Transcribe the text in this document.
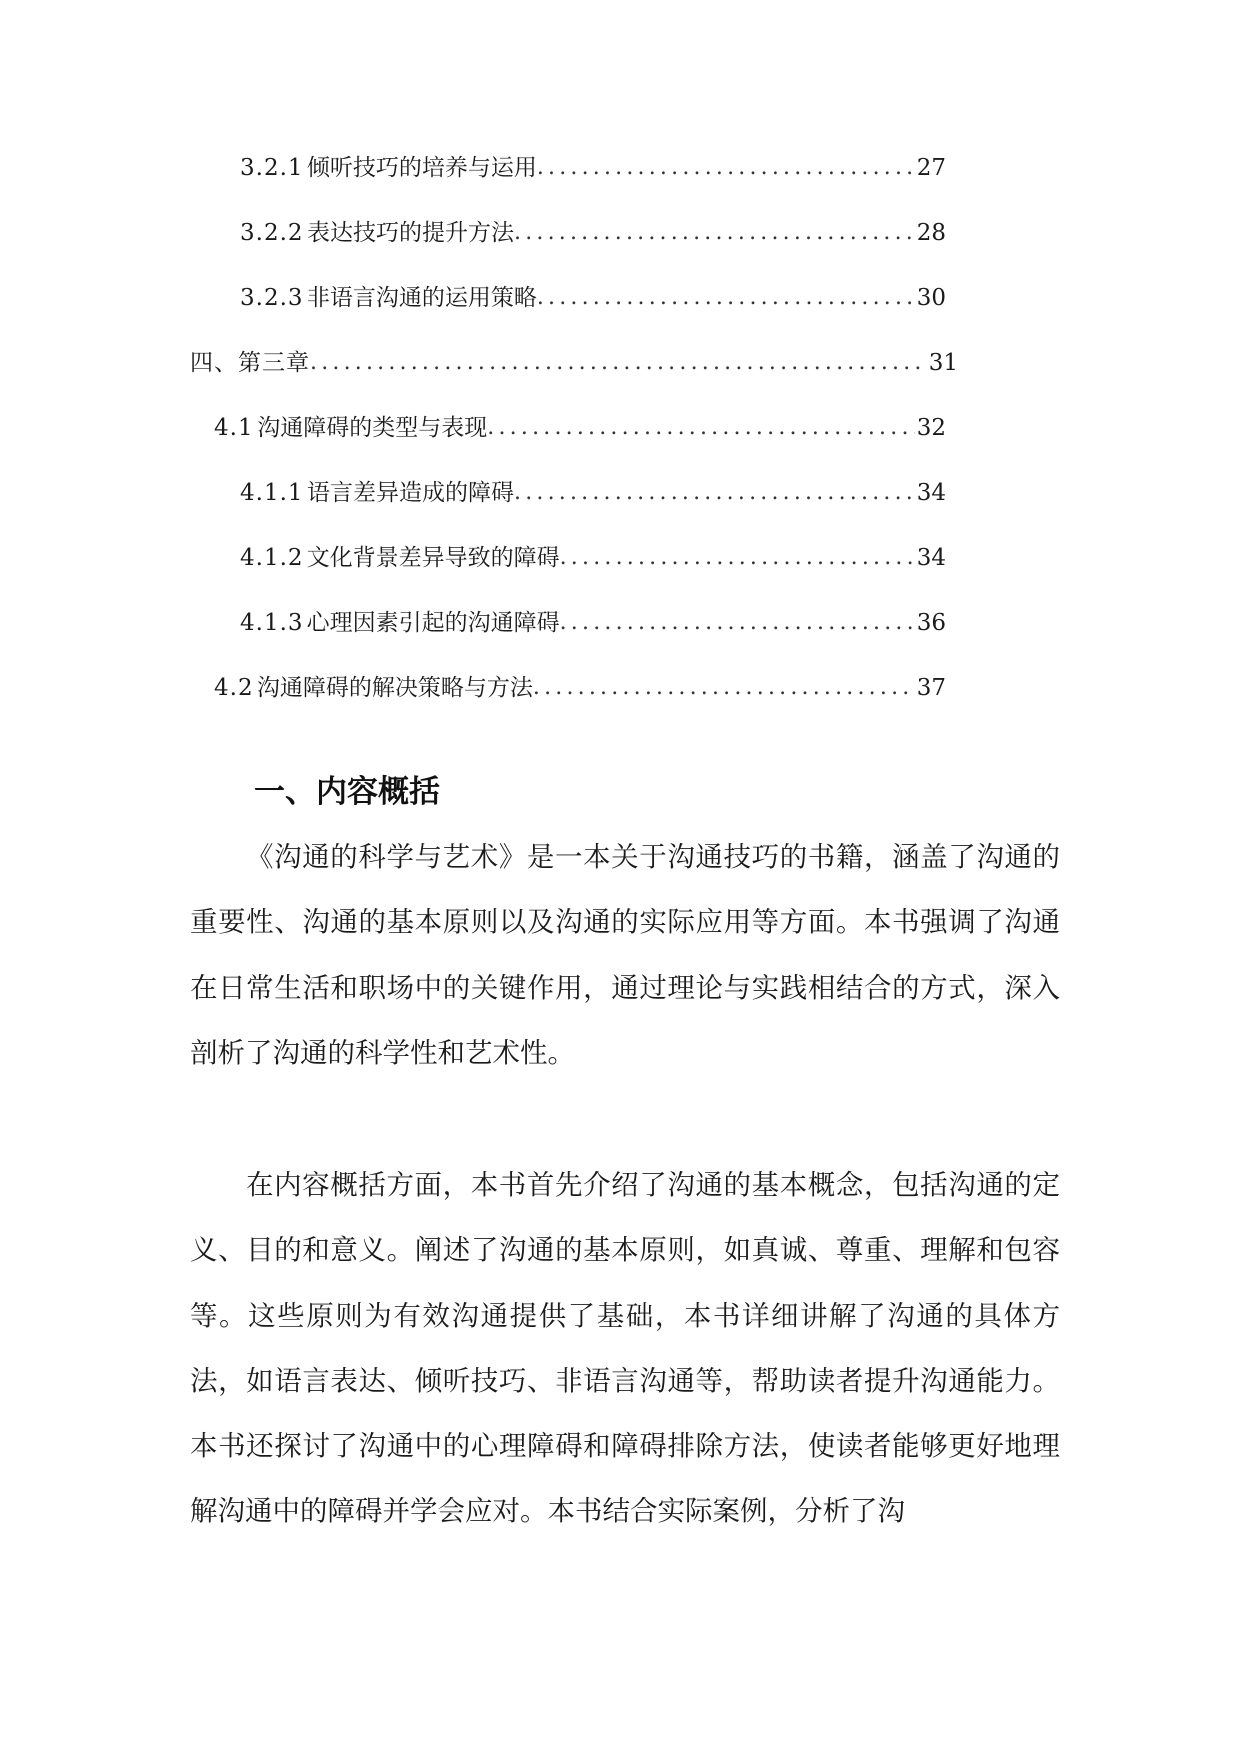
3.2.1 倾听技巧的培养与运用 .....	27
3.2.2 表达技巧的提升方法 .....	28
3.2.3 非语言沟通的运用策略 .....	30
四、第三章 .....	31
4.1 沟通障碍的类型与表现 .....	32
4.1.1 语言差异造成的障碍 .....	34
4.1.2 文化背景差异导致的障碍 .....	34
4.1.3 心理因素引起的沟通障碍 .....	36
4.2 沟通障碍的解决策略与方法 .....	37
一、内容概括

《沟通的科学与艺术》是一本关于沟通技巧的书籍，涵盖了沟通的重要性、沟通的基本原则以及沟通的实际应用等方面。本书强调了沟通在日常生活和职场中的关键作用，通过理论与实践相结合的方式，深入剖析了沟通的科学性和艺术性。

在内容概括方面，本书首先介绍了沟通的基本概念，包括沟通的定义、目的和意义。阐述了沟通的基本原则，如真诚、尊重、理解和包容等。这些原则为有效沟通提供了基础，本书详细讲解了沟通的具体方法，如语言表达、倾听技巧、非语言沟通等，帮助读者提升沟通能力。本书还探讨了沟通中的心理障碍和障碍排除方法，使读者能够更好地理解沟通中的障碍并学会应对。本书结合实际案例，分析了沟
